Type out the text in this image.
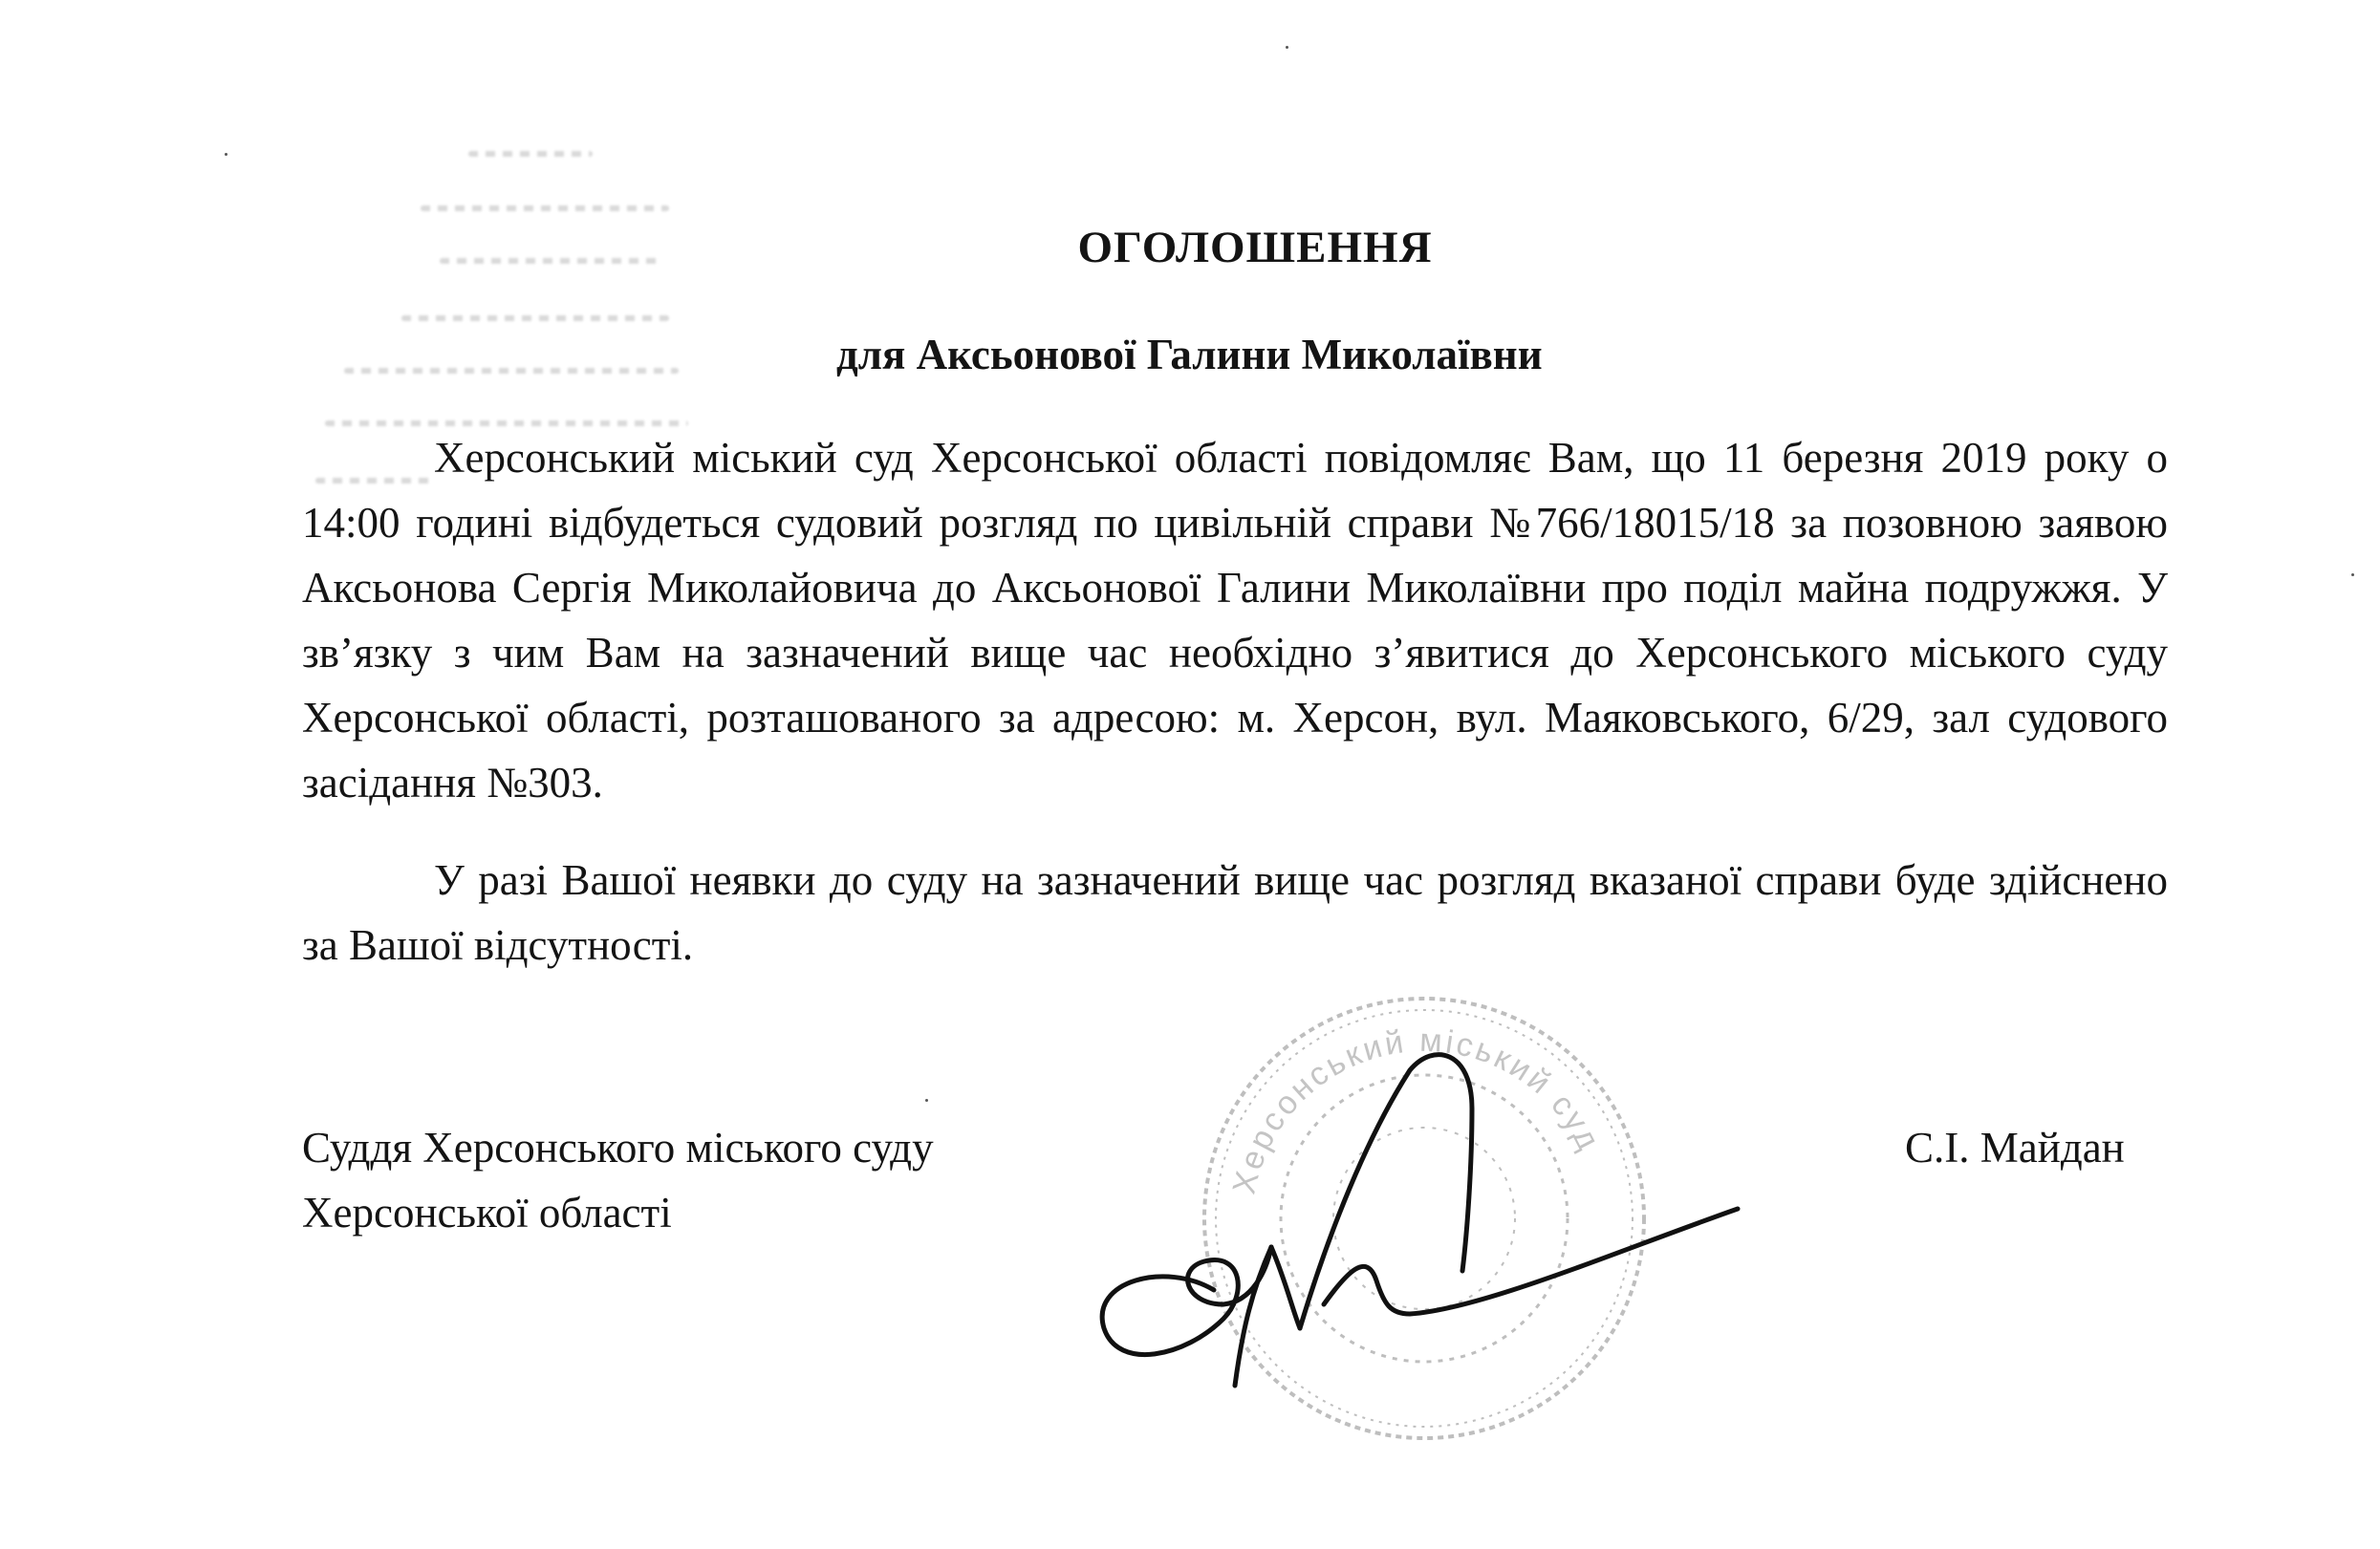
ОГОЛОШЕННЯ
для Аксьонової Галини Миколаївни
Херсонський міський суд Херсонської області повідомляє Вам, що 11 березня 2019 року о 14:00 годині відбудеться судовий розгляд по цивільній справи №766/18015/18 за позовною заявою Аксьонова Сергія Миколайовича до Аксьонової Галини Миколаївни про поділ майна подружжя. У зв’язку з чим Вам на зазначений вище час необхідно з’явитися до Херсонського міського суду Херсонської області, розташованого за адресою: м. Херсон, вул. Маяковського, 6/29, зал судового засідання №303.
У разі Вашої неявки до суду на зазначений вище час розгляд вказаної справи буде здійснено за Вашої відсутності.
Суддя Херсонського міського суду
Херсонської області
С.І. Майдан
Херсонський міський суд
